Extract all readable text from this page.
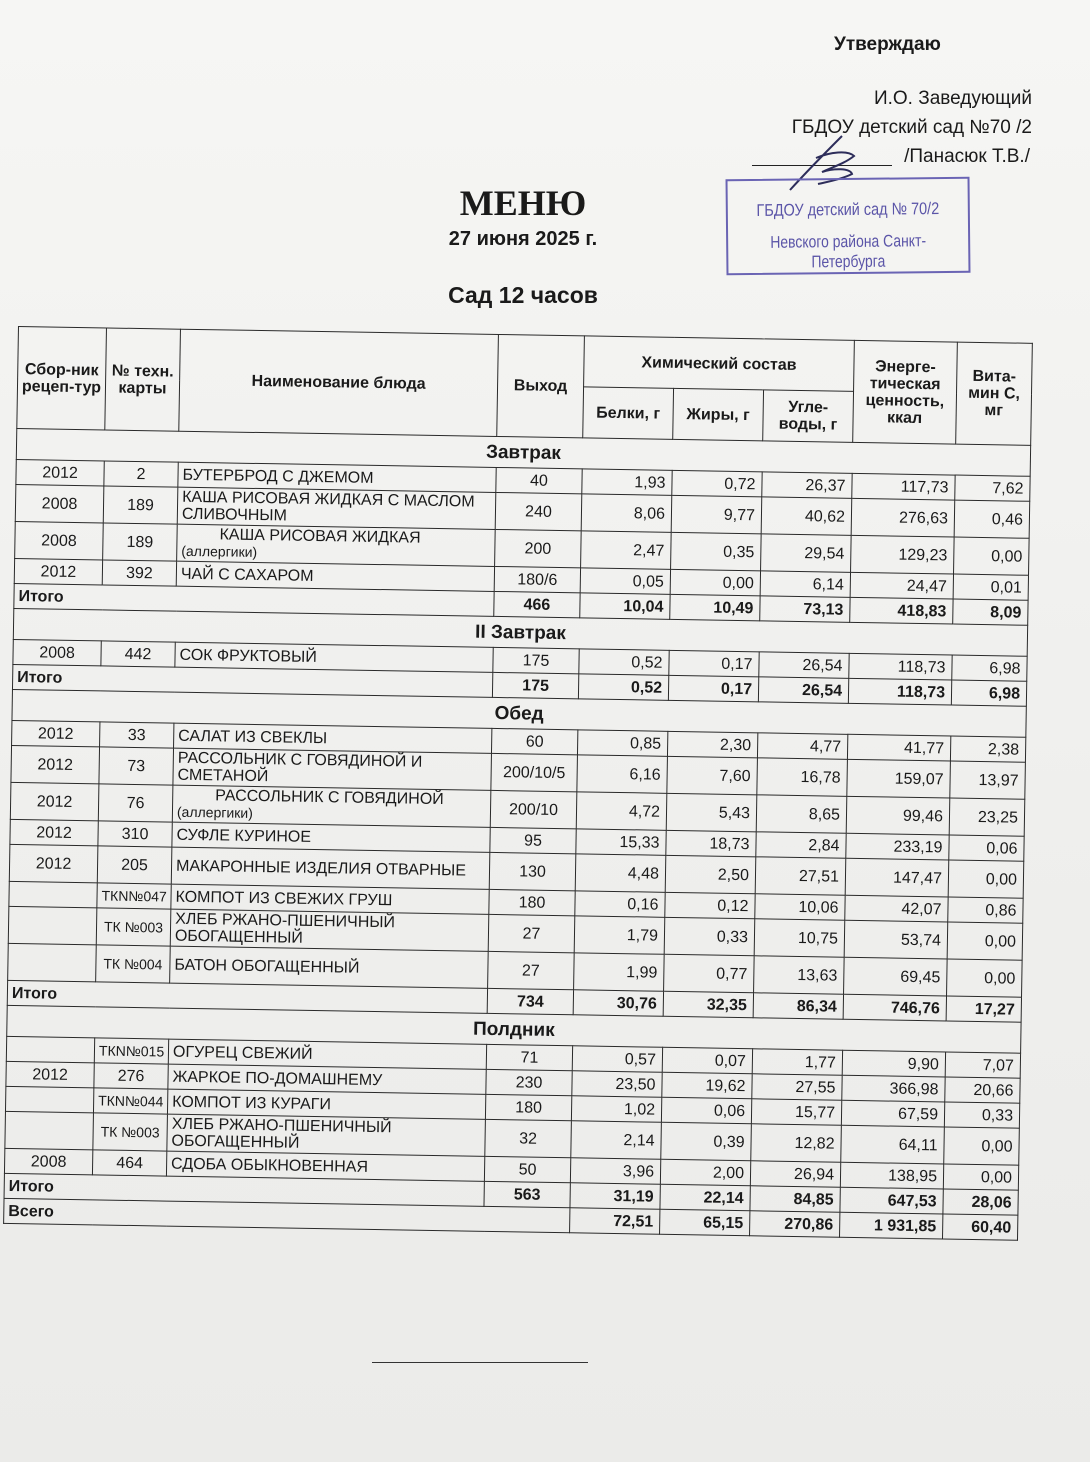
Утверждаю
И.О. Заведующий
ГБДОУ детский сад №70 /2
/Панасюк Т.В./
ГБДОУ детский сад № 70/2
Невского района Санкт-Петербурга
МЕНЮ
27 июня 2025 г.
Сад 12 часов
Сбор-ник рецеп-тур	№ техн. карты	Наименование блюда	Выход	Химический состав			Энерге-тическая ценность, ккал	Вита-мин С, мг
				Белки, г	Жиры, г	Угле-воды, г		
Завтрак								
2012	2	БУТЕРБРОД С ДЖЕМОМ	40	1,93	0,72	26,37	117,73	7,62
2008	189	КАША РИСОВАЯ ЖИДКАЯ С МАСЛОМ СЛИВОЧНЫМ	240	8,06	9,77	40,62	276,63	0,46
2008	189	КАША РИСОВАЯ ЖИДКАЯ
(аллергики)	200	2,47	0,35	29,54	129,23	0,00
2012	392	ЧАЙ С САХАРОМ	180/6	0,05	0,00	6,14	24,47	0,01
Итого			466	10,04	10,49	73,13	418,83	8,09
II Завтрак								
2008	442	СОК ФРУКТОВЫЙ	175	0,52	0,17	26,54	118,73	6,98
Итого			175	0,52	0,17	26,54	118,73	6,98
Обед								
2012	33	САЛАТ ИЗ СВЕКЛЫ	60	0,85	2,30	4,77	41,77	2,38
2012	73	РАССОЛЬНИК С ГОВЯДИНОЙ И СМЕТАНОЙ	200/10/5	6,16	7,60	16,78	159,07	13,97
2012	76	РАССОЛЬНИК С ГОВЯДИНОЙ
(аллергики)	200/10	4,72	5,43	8,65	99,46	23,25
2012	310	СУФЛЕ КУРИНОЕ	95	15,33	18,73	2,84	233,19	0,06
2012	205	МАКАРОННЫЕ ИЗДЕЛИЯ ОТВАРНЫЕ	130	4,48	2,50	27,51	147,47	0,00
	ТКN№047	КОМПОТ ИЗ СВЕЖИХ ГРУШ	180	0,16	0,12	10,06	42,07	0,86
	ТК №003	ХЛЕБ РЖАНО-ПШЕНИЧНЫЙ ОБОГАЩЕННЫЙ	27	1,79	0,33	10,75	53,74	0,00
	ТК №004	БАТОН ОБОГАЩЕННЫЙ	27	1,99	0,77	13,63	69,45	0,00
Итого			734	30,76	32,35	86,34	746,76	17,27
Полдник								
	ТКN№015	ОГУРЕЦ СВЕЖИЙ	71	0,57	0,07	1,77	9,90	7,07
2012	276	ЖАРКОЕ ПО-ДОМАШНЕМУ	230	23,50	19,62	27,55	366,98	20,66
	ТКN№044	КОМПОТ ИЗ КУРАГИ	180	1,02	0,06	15,77	67,59	0,33
	ТК №003	ХЛЕБ РЖАНО-ПШЕНИЧНЫЙ ОБОГАЩЕННЫЙ	32	2,14	0,39	12,82	64,11	0,00
2008	464	СДОБА ОБЫКНОВЕННАЯ	50	3,96	2,00	26,94	138,95	0,00
Итого			563	31,19	22,14	84,85	647,53	28,06
Всего				72,51	65,15	270,86	1 931,85	60,40
